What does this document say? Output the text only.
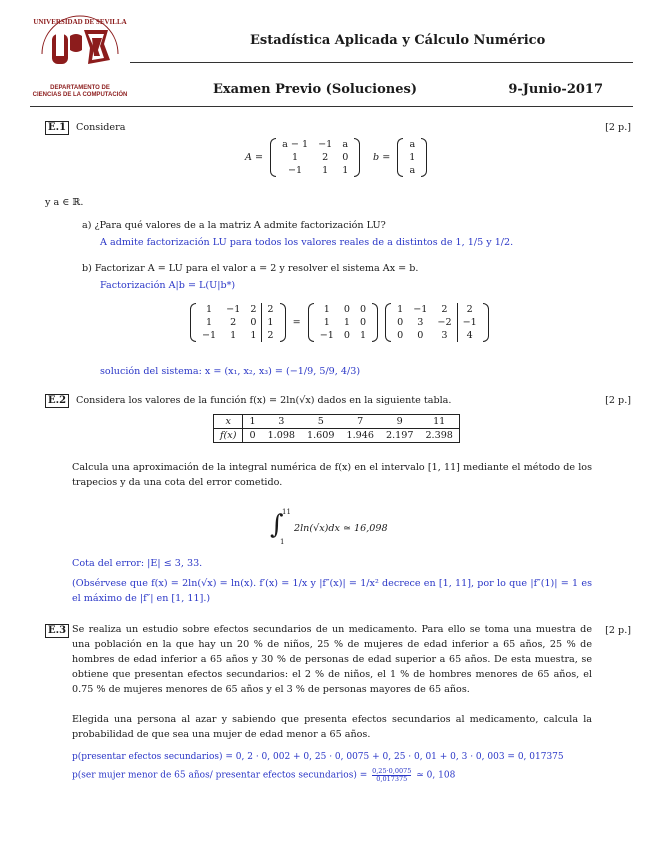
UNIVERSIDAD DE SEVILLA
DEPARTAMENTO DE
CIENCIAS DE LA COMPUTACIÓN
Estadística Aplicada y Cálculo Numérico
Examen Previo (Soluciones)	9-Junio-2017
E.1	Considera	[2 p.]
A =
a − 1	−1	a
1	2	0
−1	1	1
b =
a
1
a
y a ∈ ℝ.
a) ¿Para qué valores de a la matriz A admite factorización LU?
A admite factorización LU para todos los valores reales de a distintos de 1, 1/5 y 1/2.
b) Factorizar A = LU para el valor a = 2 y resolver el sistema Ax = b.
Factorización A|b = L(U|b*)
1	−1	2	2
1	2	0	1
−1	1	1	2
=
1	0	0
1	1	0
−1	0	1

1	−1	2	2
0	3	−2	−1
0	0	3	4
solución del sistema: x = (x₁, x₂, x₃) = (−1/9, 5/9, 4/3)
E.2	Considera los valores de la función f(x) = 2ln(√x) dados en la siguiente tabla.	[2 p.]
x	1	3	5	7	9	11
f(x)	0	1.098	1.609	1.946	2.197	2.398
Calcula una aproximación de la integral numérica de f(x) en el intervalo [1, 11] mediante el método de los trapecios y da una cota del error cometido.
∫
11
1
2ln(√x)dx ≃ 16,098
Cota del error: |E| ≤ 3, 33.
(Obsérvese que f(x) = 2ln(√x) = ln(x). f′(x) = 1/x y |f″(x)| = 1/x² decrece en [1, 11], por lo que |f″(1)| = 1 es el máximo de |f″| en [1, 11].)
E.3	[2 p.]
Se realiza un estudio sobre efectos secundarios de un medicamento. Para ello se toma una muestra de una población en la que hay un 20 % de niños, 25 % de mujeres de edad inferior a 65 años, 25 % de hombres de edad inferior a 65 años y 30 % de personas de edad superior a 65 años. De esta muestra, se obtiene que presentan efectos secundarios: el 2 % de niños, el 1 % de hombres menores de 65 años, el 0.75 % de mujeres menores de 65 años y el 3 % de personas mayores de 65 años.
Elegida una persona al azar y sabiendo que presenta efectos secundarios al medicamento, calcula la probabilidad de que sea una mujer de edad menor a 65 años.
p(presentar efectos secundarios) = 0, 2 · 0, 002 + 0, 25 · 0, 0075 + 0, 25 · 0, 01 + 0, 3 · 0, 003 = 0, 017375
p(ser mujer menor de 65 años/ presentar efectos secundarios) = $\frac{0,25\cdot 0,0075}{0,017375}$ ≃ 0, 108
